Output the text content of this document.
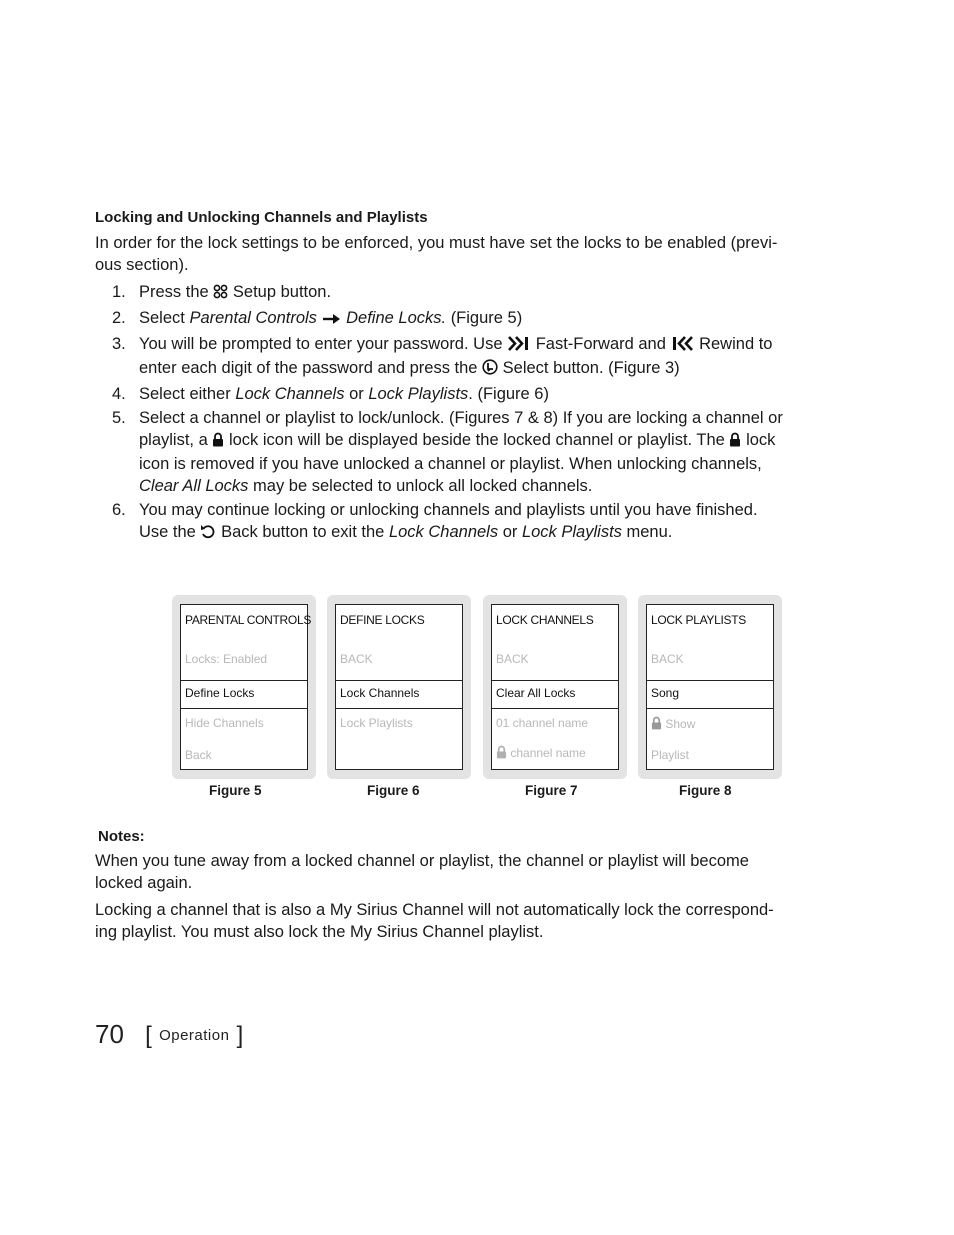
Locking and Unlocking Channels and Playlists
In order for the lock settings to be enforced, you must have set the locks to be enabled (previ-
ous section).
1. Press the Setup button.
2. Select Parental Controls Define Locks. (Figure 5)
3. You will be prompted to enter your password. Use Fast-Forward and Rewind to
enter each digit of the password and press the Select button. (Figure 3)
4. Select either Lock Channels or Lock Playlists. (Figure 6)
5. Select a channel or playlist to lock/unlock. (Figures 7 & 8) If you are locking a channel or
playlist, a lock icon will be displayed beside the locked channel or playlist. The lock
icon is removed if you have unlocked a channel or playlist. When unlocking channels,
Clear All Locks may be selected to unlock all locked channels.
6. You may continue locking or unlocking channels and playlists until you have finished.
Use the Back button to exit the Lock Channels or Lock Playlists menu.
PARENTAL CONTROLS
Locks: Enabled
Define Locks
Hide Channels
Back
Figure 5
DEFINE LOCKS
BACK
Lock Channels
Lock Playlists
Figure 6
LOCK CHANNELS
BACK
Clear All Locks
01 channel name
channel name
Figure 7
LOCK PLAYLISTS
BACK
Song
Show
Playlist
Figure 8
Notes:
When you tune away from a locked channel or playlist, the channel or playlist will become
locked again.
Locking a channel that is also a My Sirius Channel will not automatically lock the correspond-
ing playlist. You must also lock the My Sirius Channel playlist.
70 [ Operation ]
